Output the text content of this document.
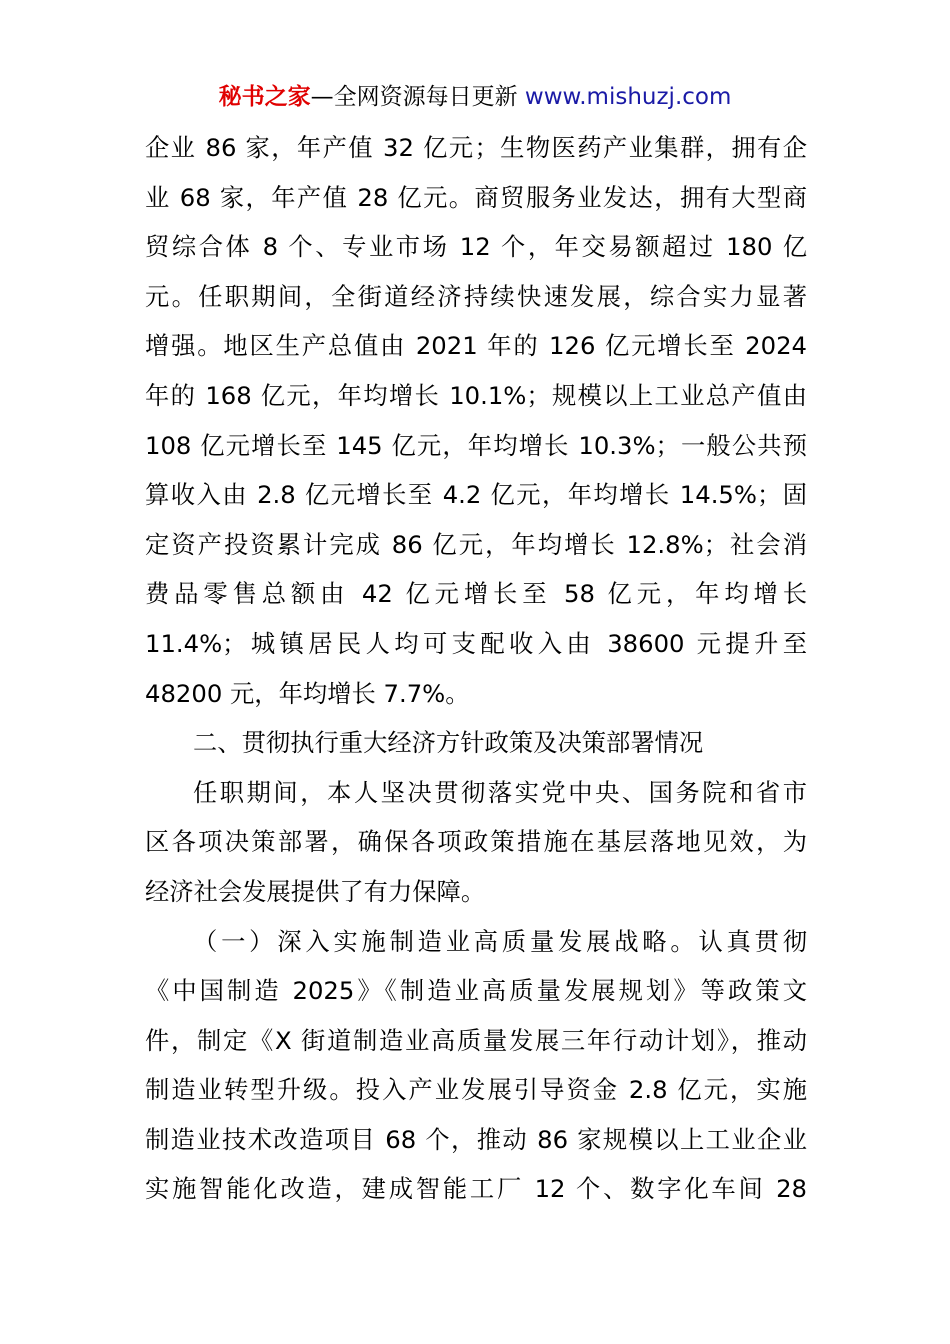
秘书之家—全网资源每日更新 www.mishuzj.com
企业 86 家，年产值 32 亿元；生物医药产业集群，拥有企
业 68 家，年产值 28 亿元。商贸服务业发达，拥有大型商
贸综合体 8 个、专业市场 12 个，年交易额超过 180 亿
元。任职期间，全街道经济持续快速发展，综合实力显著
增强。地区生产总值由 2021 年的 126 亿元增长至 2024
年的 168 亿元，年均增长 10.1%；规模以上工业总产值由
108 亿元增长至 145 亿元，年均增长 10.3%；一般公共预
算收入由 2.8 亿元增长至 4.2 亿元，年均增长 14.5%；固
定资产投资累计完成 86 亿元，年均增长 12.8%；社会消
费品零售总额由 42 亿元增长至 58 亿元，年均增长
11.4%；城镇居民人均可支配收入由 38600 元提升至
48200 元，年均增长 7.7%。
二、贯彻执行重大经济方针政策及决策部署情况
任职期间，本人坚决贯彻落实党中央、国务院和省市
区各项决策部署，确保各项政策措施在基层落地见效，为
经济社会发展提供了有力保障。
（一）深入实施制造业高质量发展战略。认真贯彻
《中国制造 2025》《制造业高质量发展规划》等政策文
件，制定《X 街道制造业高质量发展三年行动计划》，推动
制造业转型升级。投入产业发展引导资金 2.8 亿元，实施
制造业技术改造项目 68 个，推动 86 家规模以上工业企业
实施智能化改造，建成智能工厂 12 个、数字化车间 28
